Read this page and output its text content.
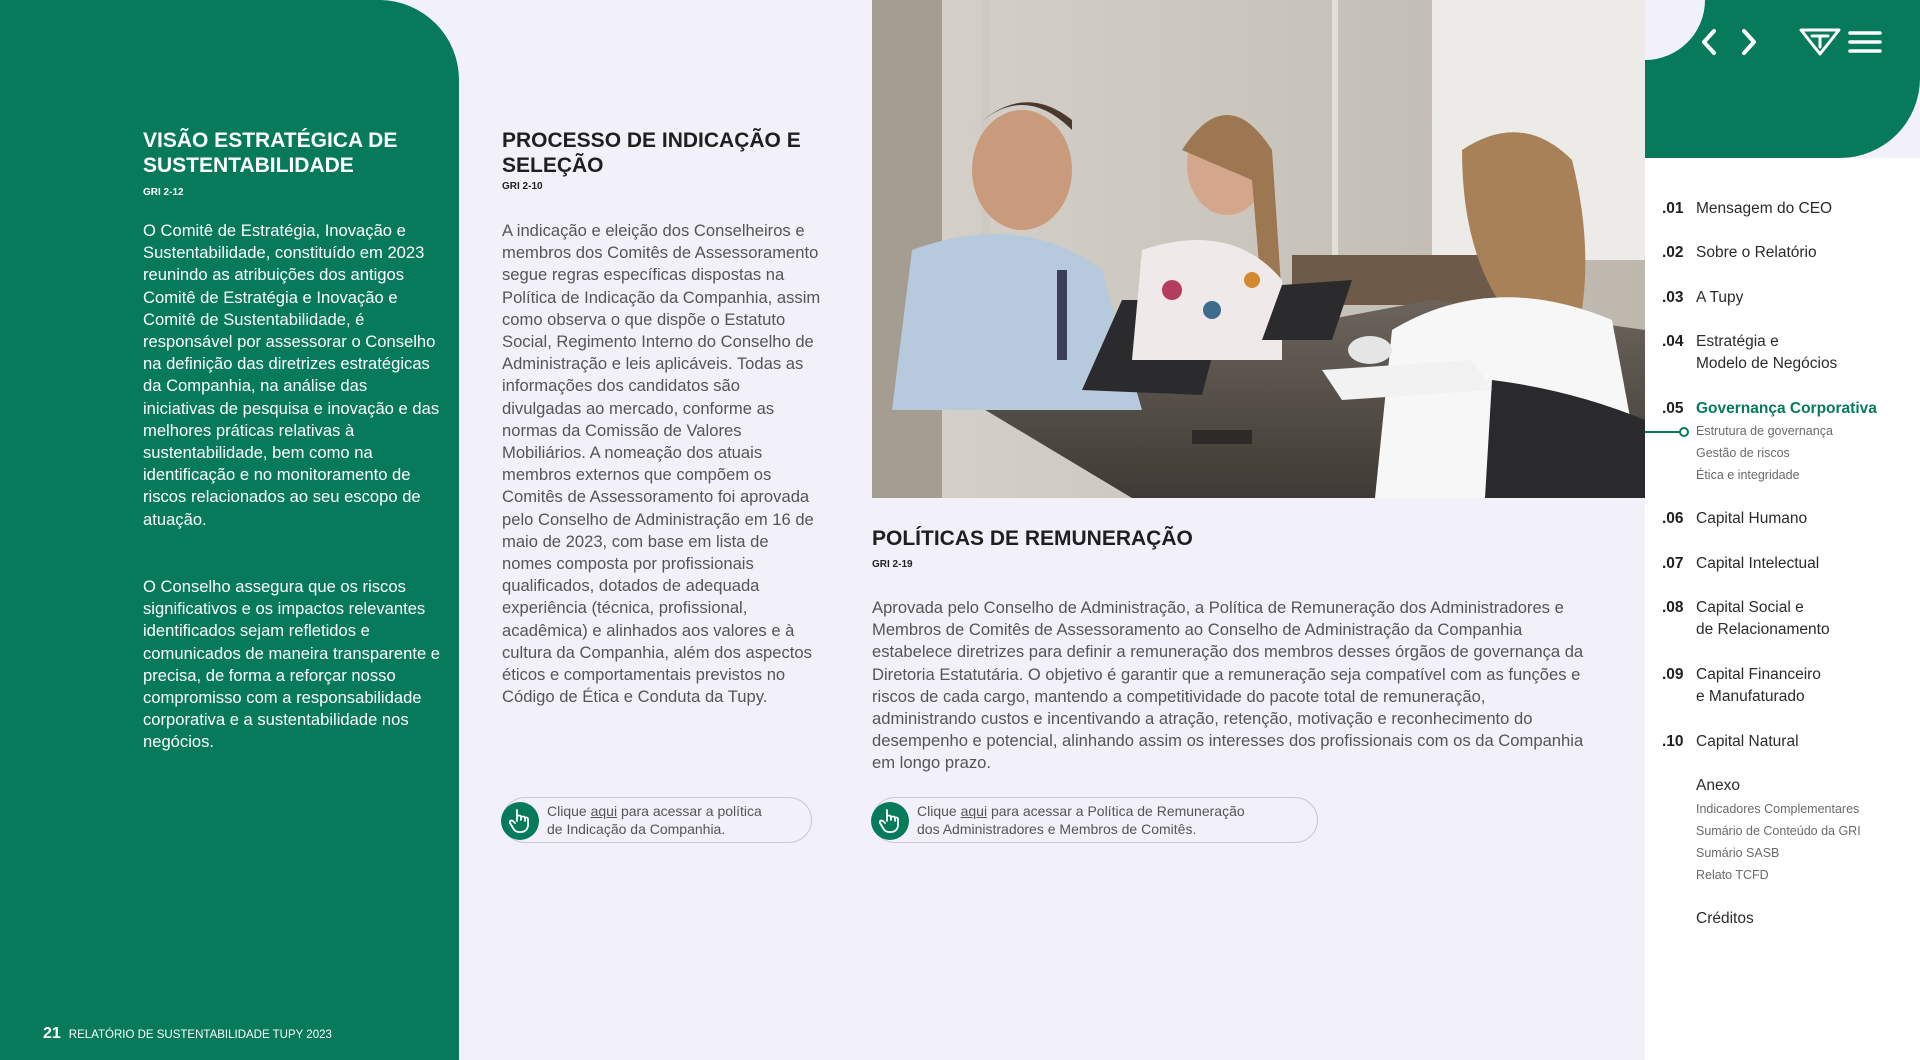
VISÃO ESTRATÉGICA DE SUSTENTABILIDADE
GRI 2-12

O Comitê de Estratégia, Inovação e Sustentabilidade, constituído em 2023 reunindo as atribuições dos antigos Comitê de Estratégia e Inovação e Comitê de Sustentabilidade, é responsável por assessorar o Conselho na definição das diretrizes estratégicas da Companhia, na análise das iniciativas de pesquisa e inovação e das melhores práticas relativas à sustentabilidade, bem como na identificação e no monitoramento de riscos relacionados ao seu escopo de atuação.

O Conselho assegura que os riscos significativos e os impactos relevantes identificados sejam refletidos e comunicados de maneira transparente e precisa, de forma a reforçar nosso compromisso com a responsabilidade corporativa e a sustentabilidade nos negócios.

21 RELATÓRIO DE SUSTENTABILIDADE TUPY 2023
PROCESSO DE INDICAÇÃO E SELEÇÃO
GRI 2-10

A indicação e eleição dos Conselheiros e membros dos Comitês de Assessoramento segue regras específicas dispostas na Política de Indicação da Companhia, assim como observa o que dispõe o Estatuto Social, Regimento Interno do Conselho de Administração e leis aplicáveis. Todas as informações dos candidatos são divulgadas ao mercado, conforme as normas da Comissão de Valores Mobiliários. A nomeação dos atuais membros externos que compõem os Comitês de Assessoramento foi aprovada pelo Conselho de Administração em 16 de maio de 2023, com base em lista de nomes composta por profissionais qualificados, dotados de adequada experiência (técnica, profissional, acadêmica) e alinhados aos valores e à cultura da Companhia, além dos aspectos éticos e comportamentais previstos no Código de Ética e Conduta da Tupy.

Clique aqui para acessar a política
de Indicação da Companhia.
POLÍTICAS DE REMUNERAÇÃO
GRI 2-19

Aprovada pelo Conselho de Administração, a Política de Remuneração dos Administradores e Membros de Comitês de Assessoramento ao Conselho de Administração da Companhia estabelece diretrizes para definir a remuneração dos membros desses órgãos de governança da Diretoria Estatutária. O objetivo é garantir que a remuneração seja compatível com as funções e riscos de cada cargo, mantendo a competitividade do pacote total de remuneração, administrando custos e incentivando a atração, retenção, motivação e reconhecimento do desempenho e potencial, alinhando assim os interesses dos profissionais com os da Companhia em longo prazo.

Clique aqui para acessar a Política de Remuneração
dos Administradores e Membros de Comitês.
.01 Mensagem do CEO
.02 Sobre o Relatório
.03 A Tupy
.04 Estratégia e
Modelo de Negócios
.05 Governança Corporativa
Estrutura de governança
Gestão de riscos
Ética e integridade
.06 Capital Humano
.07 Capital Intelectual
.08 Capital Social e
de Relacionamento
.09 Capital Financeiro
e Manufaturado
.10 Capital Natural
Anexo
Indicadores Complementares
Sumário de Conteúdo da GRI
Sumário SASB
Relato TCFD
Créditos
